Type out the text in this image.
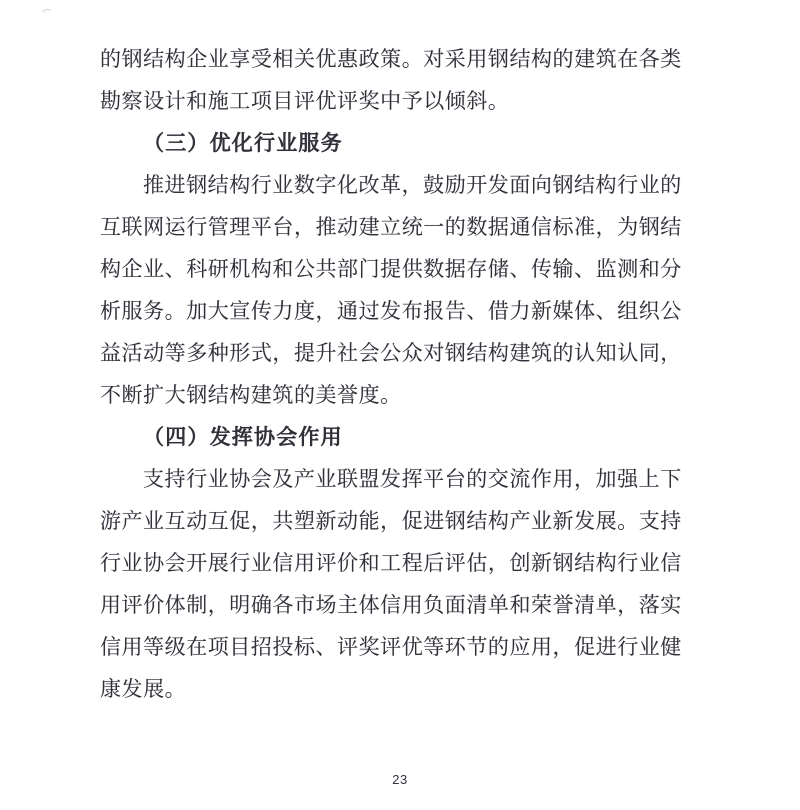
的钢结构企业享受相关优惠政策。对采用钢结构的建筑在各类
勘察设计和施工项目评优评奖中予以倾斜。
（三）优化行业服务
推进钢结构行业数字化改革，鼓励开发面向钢结构行业的
互联网运行管理平台，推动建立统一的数据通信标准，为钢结
构企业、科研机构和公共部门提供数据存储、传输、监测和分
析服务。加大宣传力度，通过发布报告、借力新媒体、组织公
益活动等多种形式，提升社会公众对钢结构建筑的认知认同，
不断扩大钢结构建筑的美誉度。
（四）发挥协会作用
支持行业协会及产业联盟发挥平台的交流作用，加强上下
游产业互动互促，共塑新动能，促进钢结构产业新发展。支持
行业协会开展行业信用评价和工程后评估，创新钢结构行业信
用评价体制，明确各市场主体信用负面清单和荣誉清单，落实
信用等级在项目招投标、评奖评优等环节的应用，促进行业健
康发展。
23
